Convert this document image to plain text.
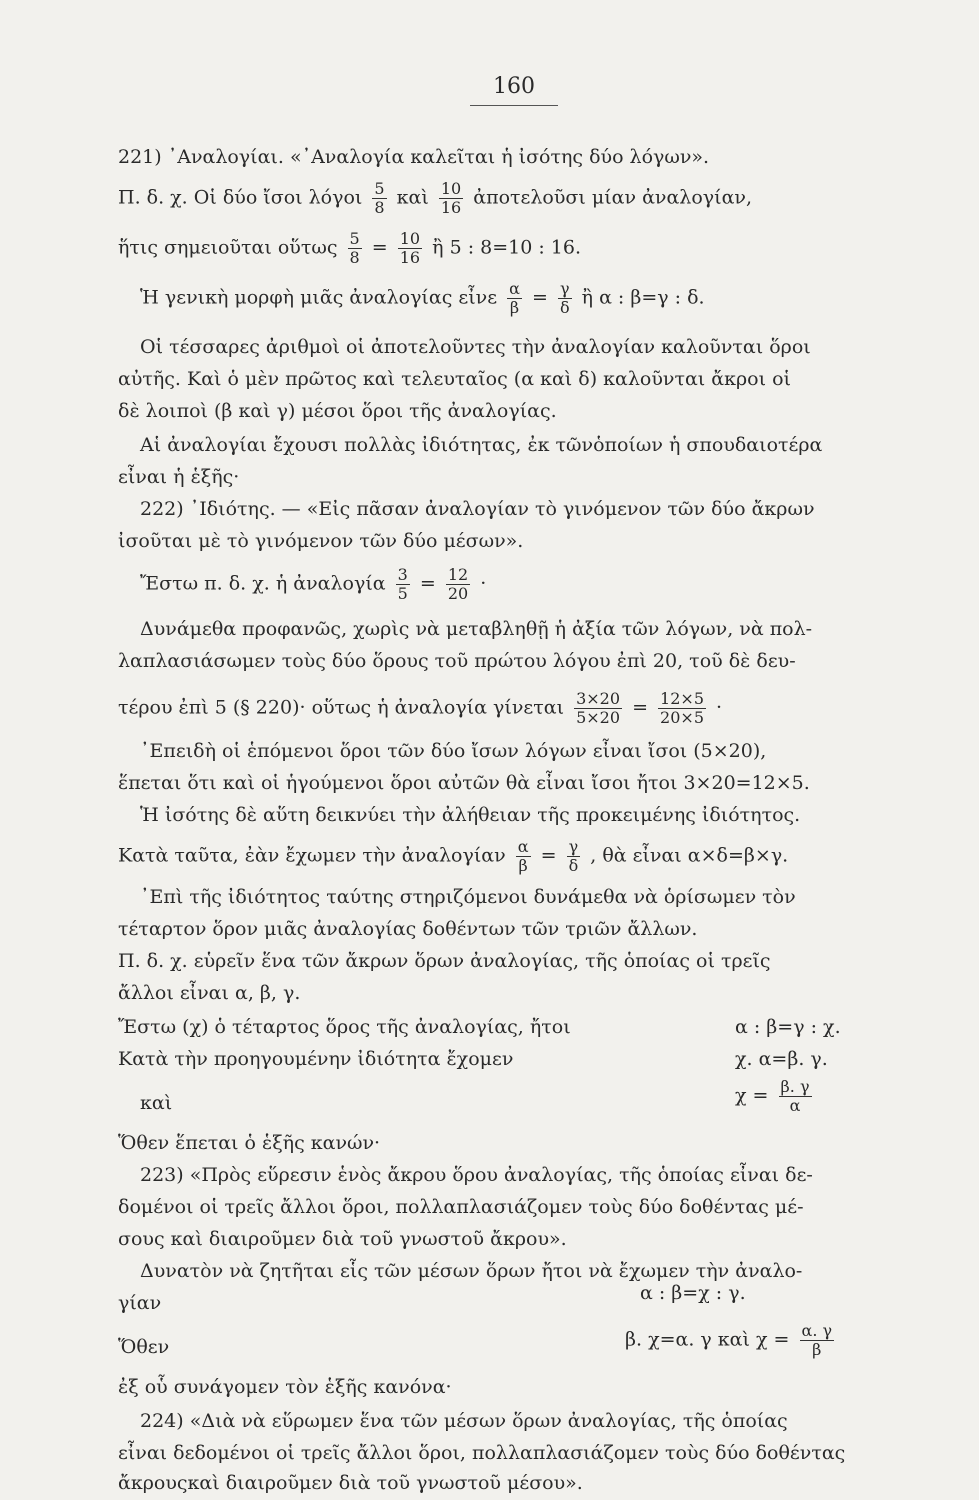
160
221) ᾿Αναλογίαι. «᾿Αναλογία καλεῖται ἡ ἰσότης δύο λόγων».
Π. δ. χ. Οἱ δύο ἴσοι λόγοι $\frac{5}{8}$ καὶ $\frac{10}{16}$ ἀποτελοῦσι μίαν ἀναλογίαν,
ἥτις σημειοῦται οὕτως $\frac{5}{8} = \frac{10}{16}$ ἢ 5 : 8=10 : 16.
Ἡ γενικὴ μορφὴ μιᾶς ἀναλογίας εἶνε $\frac{\alpha}{\beta} = \frac{\gamma}{\delta}$ ἢ α : β=γ : δ.
Οἱ τέσσαρες ἀριθμοὶ οἱ ἀποτελοῦντες τὴν ἀναλογίαν καλοῦνται ὅροι
αὐτῆς. Καὶ ὁ μὲν πρῶτος καὶ τελευταῖος (α καὶ δ) καλοῦνται ἄκροι οἱ
δὲ λοιποὶ (β καὶ γ) μέσοι ὅροι τῆς ἀναλογίας.
Αἱ ἀναλογίαι ἔχουσι πολλὰς ἰδιότητας, ἐκ τῶνὁποίων ἡ σπουδαιοτέρα
εἶναι ἡ ἑξῆς·
222) ᾿Ιδιότης. — «Εἰς πᾶσαν ἀναλογίαν τὸ γινόμενον τῶν δύο ἄκρων
ἰσοῦται μὲ τὸ γινόμενον τῶν δύο μέσων».
Ἔστω π. δ. χ. ἡ ἀναλογία $\frac{3}{5} = \frac{12}{20}$ ·
Δυνάμεθα προφανῶς, χωρὶς νὰ μεταβληθῇ ἡ ἀξία τῶν λόγων, νὰ πολ-
λαπλασιάσωμεν τοὺς δύο ὅρους τοῦ πρώτου λόγου ἐπὶ 20, τοῦ δὲ δευ-
τέρου ἐπὶ 5 (§ 220)· οὕτως ἡ ἀναλογία γίνεται $\frac{3\times 20}{5\times 20} = \frac{12\times 5}{20\times 5}$ ·
᾿Επειδὴ οἱ ἑπόμενοι ὅροι τῶν δύο ἴσων λόγων εἶναι ἴσοι (5×20),
ἕπεται ὅτι καὶ οἱ ἡγούμενοι ὅροι αὐτῶν θὰ εἶναι ἴσοι ἤτοι 3×20=12×5.
Ἡ ἰσότης δὲ αὕτη δεικνύει τὴν ἀλήθειαν τῆς προκειμένης ἰδιότητος.
Κατὰ ταῦτα, ἐὰν ἔχωμεν τὴν ἀναλογίαν $\frac{\alpha}{\beta} = \frac{\gamma}{\delta}$ , θὰ εἶναι α×δ=β×γ.
᾿Επὶ τῆς ἰδιότητος ταύτης στηριζόμενοι δυνάμεθα νὰ ὁρίσωμεν τὸν
τέταρτον ὅρον μιᾶς ἀναλογίας δοθέντων τῶν τριῶν ἄλλων.
Π. δ. χ. εὑρεῖν ἕνα τῶν ἄκρων ὅρων ἀναλογίας, τῆς ὁποίας οἱ τρεῖς
ἄλλοι εἶναι α, β, γ.
Ἔστω (χ) ὁ τέταρτος ὅρος τῆς ἀναλογίας, ἤτοι	α : β=γ : χ.
Κατὰ τὴν προηγουμένην ἰδιότητα ἔχομεν	χ. α=β. γ.
καὶ	$\chi = \frac{\beta. \gamma}{\alpha}$
Ὅθεν ἕπεται ὁ ἑξῆς κανών·
223) «Πρὸς εὕρεσιν ἑνὸς ἄκρου ὅρου ἀναλογίας, τῆς ὁποίας εἶναι δε-
δομένοι οἱ τρεῖς ἄλλοι ὅροι, πολλαπλασιάζομεν τοὺς δύο δοθέντας μέ-
σους καὶ διαιροῦμεν διὰ τοῦ γνωστοῦ ἄκρου».
Δυνατὸν νὰ ζητῆται εἷς τῶν μέσων ὅρων ἤτοι νὰ ἔχωμεν τὴν ἀναλο-
γίαν	α : β=χ : γ.
Ὅθεν	β. χ=α. γ καὶ $\chi = \frac{\alpha. \gamma}{\beta}$
ἐξ οὗ συνάγομεν τὸν ἑξῆς κανόνα·
224) «Διὰ νὰ εὕρωμεν ἕνα τῶν μέσων ὅρων ἀναλογίας, τῆς ὁποίας
εἶναι δεδομένοι οἱ τρεῖς ἄλλοι ὅροι, πολλαπλασιάζομεν τοὺς δύο δοθέντας
ἄκρουςκαὶ διαιροῦμεν διὰ τοῦ γνωστοῦ μέσου».
